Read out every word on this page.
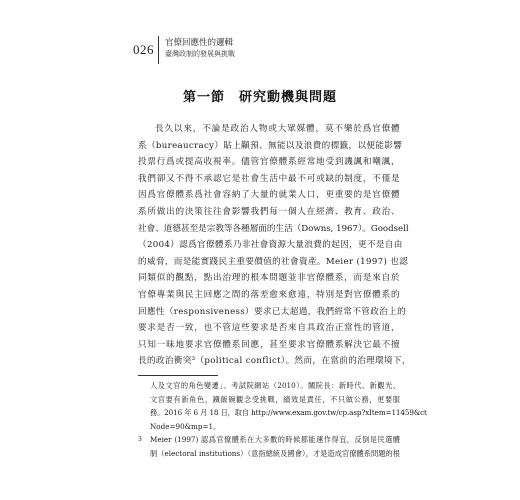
026 官僚回應性的邏輯
臺灣政制的發展與挑戰
第一節　研究動機與問題
長久以來，不論是政治人物或大眾媒體，莫不樂於爲官僚體
系（bureaucracy）貼上顢預、無能以及浪費的標籤，以便能影響
投票行爲或提高收視率。儘管官僚體系經常地受到譏諷和嘲諷，
我們卻又不得不承認它是社會生活中最不可或缺的制度，不僅是
因爲官僚體系爲社會容納了大量的就業人口，更重要的是官僚體
系所做出的決策往往會影響我們每一個人在經濟、教育、政治、
社會、道德甚至是宗教等各種層面的生活（Downs, 1967）。Goodsell
（2004）認爲官僚體系乃非社會資源大量浪費的起因，更不是自由
的威脅，而是能實踐民主重要價值的社會資產。Meier (1997) 也認
同類似的觀點，點出治理的根本問題並非官僚體系，而是來自於
官僚專業與民主回應之間的落差愈來愈遠，特別是對官僚體系的
回應性（responsiveness）要求已太超過，我們經常不管政治上的
要求是否一致，也不管這些要求是否來自具政治正當性的管道，
只知一昧地要求官僚體系回應，甚至要求官僚體系解決它最不擅
長的政治衝突³（political conflict）。然而，在當前的治理環境下，
人及文官的角色變遷」。考試院網站（2010）。關院長：新時代、新觀光、
文官要有新角色，鐵飯碗觀念受挑戰，績效是責任，不只做公務，更要服
務。2016 年 6 月 18 日，取自 http://www.exam.gov.tw/cp.asp?xItem=11459&ct
Node=90&mp=1。
3	Meier (1997) 認爲官僚體系在大多數的時候都能運作得宜，反倒是民選體
制（electoral institutions）（意指總統及國會），才是造成官僚體系問題的根
